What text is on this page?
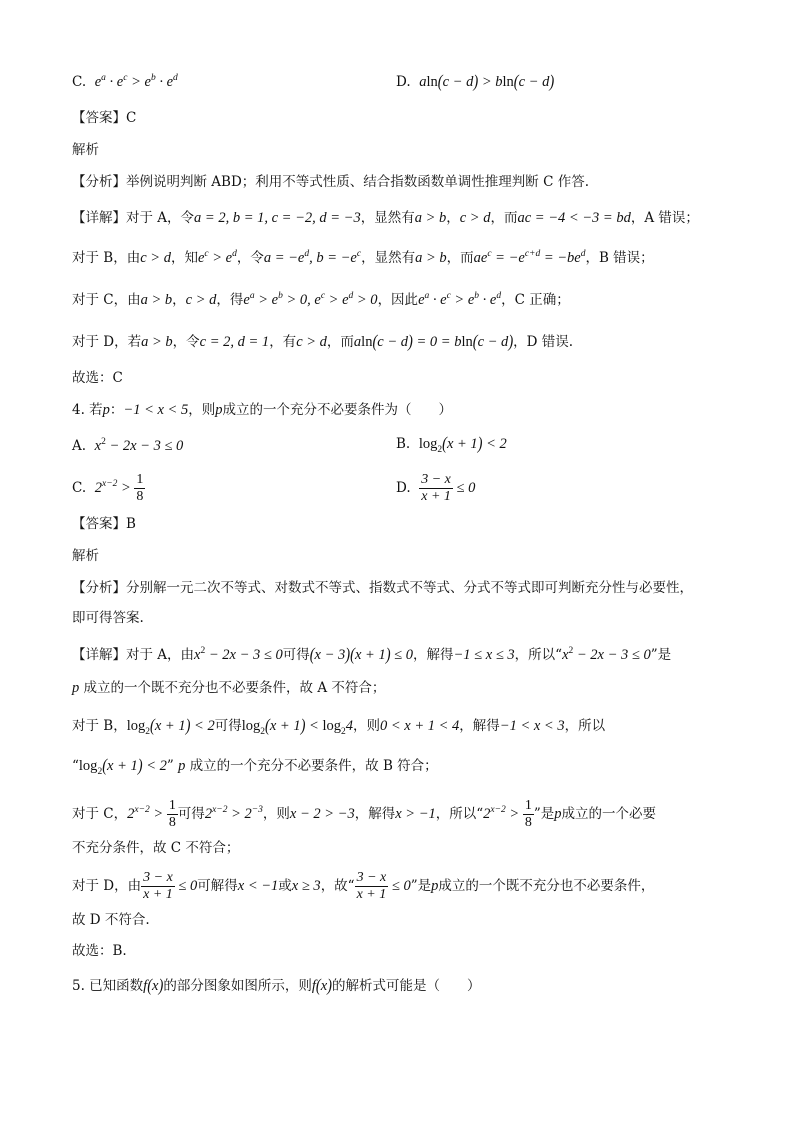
C. $e^a \cdot e^c > e^b \cdot e^d$	D. aln(c − d) > bln(c − d)
【答案】C
解析
【分析】举例说明判断 ABD；利用不等式性质、结合指数函数单调性推理判断 C 作答.
【详解】对于 A，令a = 2, b = 1, c = −2, d = −3，显然有a > b，c > d，而ac = −4 < −3 = bd，A 错误；
对于 B，由c > d，知$e^c > e^d$，令$a = -e^d$, $b = -e^c$，显然有a > b，而$ae^c = -e^{c+d} = -be^d$，B 错误；
对于 C，由a > b，c > d，得$e^a > e^b > 0$, $e^c > e^d > 0$，因此$e^a \cdot e^c > e^b \cdot e^d$，C 正确；
对于 D，若a > b，令c = 2, d = 1，有c > d，而aln(c − d) = 0 = bln(c − d)，D 错误.
故选：C
4. 若p：−1 < x < 5，则p成立的一个充分不必要条件为（　　）
A. $x^2 - 2x - 3 \le 0$	B. $\log_2(x + 1) < 2$
C. $2^{x-2} > \frac{1}{8}$	D. $\frac{3 - x}{x + 1} \le 0$
【答案】B
解析
【分析】分别解一元二次不等式、对数式不等式、指数式不等式、分式不等式即可判断充分性与必要性，
即可得答案.
【详解】对于 A，由$x^2 - 2x - 3 \le 0$可得(x − 3)(x + 1) ≤ 0，解得−1 ≤ x ≤ 3，所以“$x^2 - 2x - 3 \le 0$”是
p 成立的一个既不充分也不必要条件，故 A 不符合；
对于 B，$\log_2(x + 1) < 2$可得$\log_2(x + 1) < \log_24$，则0 < x + 1 < 4，解得−1 < x < 3，所以
“$\log_2(x + 1) < 2$” p 成立的一个充分不必要条件，故 B 符合；
对于 C，$2^{x-2} > \frac{1}{8}$ 可得$2^{x-2} > 2^{-3}$，则x − 2 > −3，解得x > −1，所以“$2^{x-2} > \frac{1}{8}$ ”是p成立的一个必要
不充分条件，故 C 不符合；
对于 D，由 $\frac{3 - x}{x + 1} \le 0$可解得x < −1或x ≥ 3，故“ $\frac{3 - x}{x + 1} \le 0$”是p成立的一个既不充分也不必要条件，
故 D 不符合.
故选：B.
5. 已知函数f(x)的部分图象如图所示，则f(x)的解析式可能是（　　）
